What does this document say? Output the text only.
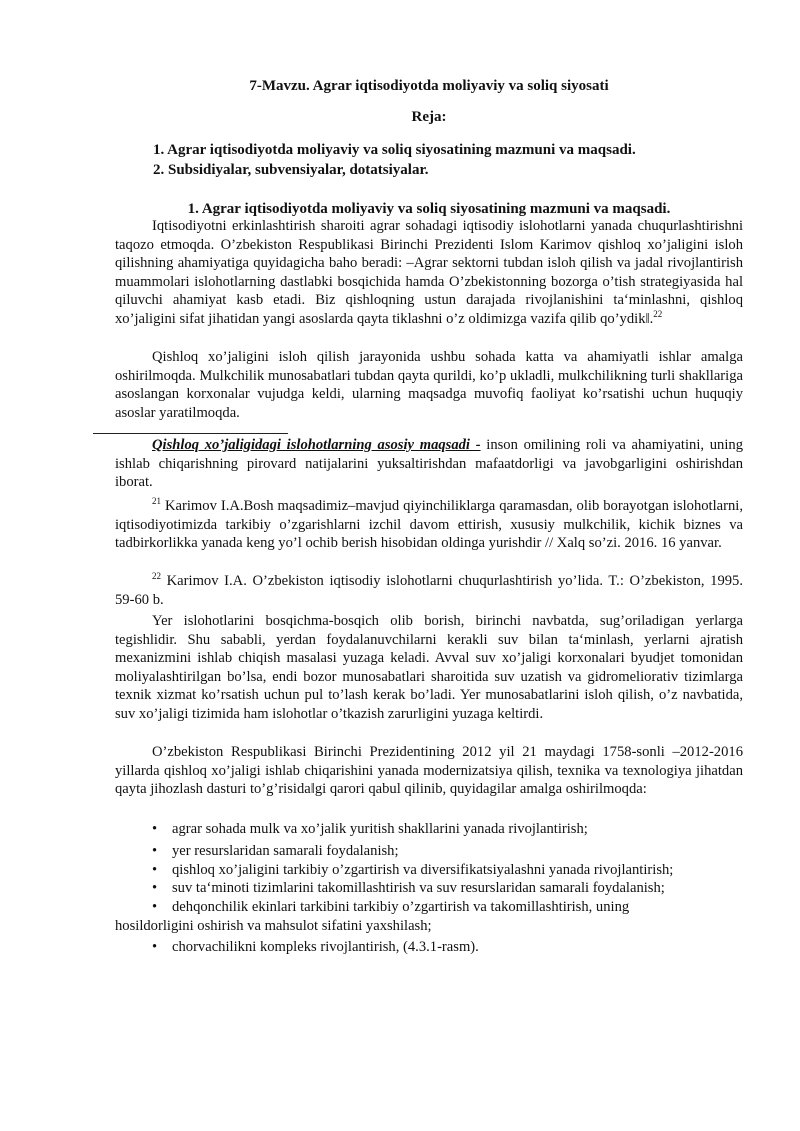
7-Mavzu. Agrar iqtisodiyotda moliyaviy va soliq siyosati
Reja:
1. Agrar iqtisodiyotda moliyaviy va soliq siyosatining mazmuni va maqsadi.
2. Subsidiyalar, subvensiyalar, dotatsiyalar.
1. Agrar iqtisodiyotda moliyaviy va soliq siyosatining mazmuni va maqsadi.

Iqtisodiyotni erkinlashtirish sharoiti agrar sohadagi iqtisodiy islohotlarni yanada chuqurlashtirishni taqozo etmoqda. O’zbekiston Respublikasi Birinchi Prezidenti Islom Karimov qishloq xo’jaligini isloh qilishning ahamiyatiga quyidagicha baho beradi: –Agrar sektorni tubdan isloh qilish va jadal rivojlantirish muammolari islohotlarning dastlabki bosqichida hamda O’zbekistonning bozorga o’tish strategiyasida hal qiluvchi ahamiyat kasb etadi. Biz qishloqning ustun darajada rivojlanishini ta‘minlashni, qishloq xo’jaligini sifat jihatidan yangi asoslarda qayta tiklashni o’z oldimizga vazifa qilib qo’ydik‖.$^{22}$

Qishloq xo’jaligini isloh qilish jarayonida ushbu sohada katta va ahamiyatli ishlar amalga oshirilmoqda. Mulkchilik munosabatlari tubdan qayta qurildi, ko’p ukladli, mulkchilikning turli shakllariga asoslangan korxonalar vujudga keldi, ularning maqsadga muvofiq faoliyat ko’rsatishi uchun huquqiy asoslar yaratilmoqda.

Qishloq xo’jaligidagi islohotlarning asosiy maqsadi - inson omilining roli va ahamiyatini, uning ishlab chiqarishning pirovard natijalarini yuksaltirishdan mafaatdorligi va javobgarligini oshirishdan iborat.

$^{21}$ Karimov I.A.Bosh maqsadimiz–mavjud qiyinchiliklarga qaramasdan, olib borayotgan islohotlarni, iqtisodiyotimizda tarkibiy o’zgarishlarni izchil davom ettirish, xususiy mulkchilik, kichik biznes va tadbirkorlikka yanada keng yo’l ochib berish hisobidan oldinga yurishdir // Xalq so’zi. 2016. 16 yanvar.

$^{22}$ Karimov I.A. O’zbekiston iqtisodiy islohotlarni chuqurlashtirish yo’lida. T.: O’zbekiston, 1995. 59-60 b.

Yer islohotlarini bosqichma-bosqich olib borish, birinchi navbatda, sug’oriladigan yerlarga tegishlidir. Shu sababli, yerdan foydalanuvchilarni kerakli suv bilan ta‘minlash, yerlarni ajratish mexanizmini ishlab chiqish masalasi yuzaga keladi. Avval suv xo’jaligi korxonalari byudjet tomonidan moliyalashtirilgan bo’lsa, endi bozor munosabatlari sharoitida suv uzatish va gidromeliorativ tizimlarga texnik xizmat ko’rsatish uchun pul to’lash kerak bo’ladi. Yer munosabatlarini isloh qilish, o’z navbatida, suv xo’jaligi tizimida ham islohotlar o’tkazish zarurligini yuzaga keltirdi.

O’zbekiston Respublikasi Birinchi Prezidentining 2012 yil 21 maydagi 1758-sonli –2012-2016 yillarda qishloq xo’jaligi ishlab chiqarishini yanada modernizatsiya qilish, texnika va texnologiya jihatdan qayta jihozlash dasturi to’g’risida‖gi qarori qabul qilinib, quyidagilar amalga oshirilmoqda:

• agrar sohada mulk va xo’jalik yuritish shakllarini yanada rivojlantirish;
• yer resurslaridan samarali foydalanish;
• qishloq xo’jaligini tarkibiy o’zgartirish va diversifikatsiyalashni yanada rivojlantirish;
• suv ta‘minoti tizimlarini takomillashtirish va suv resurslaridan samarali foydalanish;
• dehqonchilik ekinlari tarkibini tarkibiy o’zgartirish va takomillashtirish, uning
hosildorligini oshirish va mahsulot sifatini yaxshilash;
• chorvachilikni kompleks rivojlantirish, (4.3.1-rasm).
